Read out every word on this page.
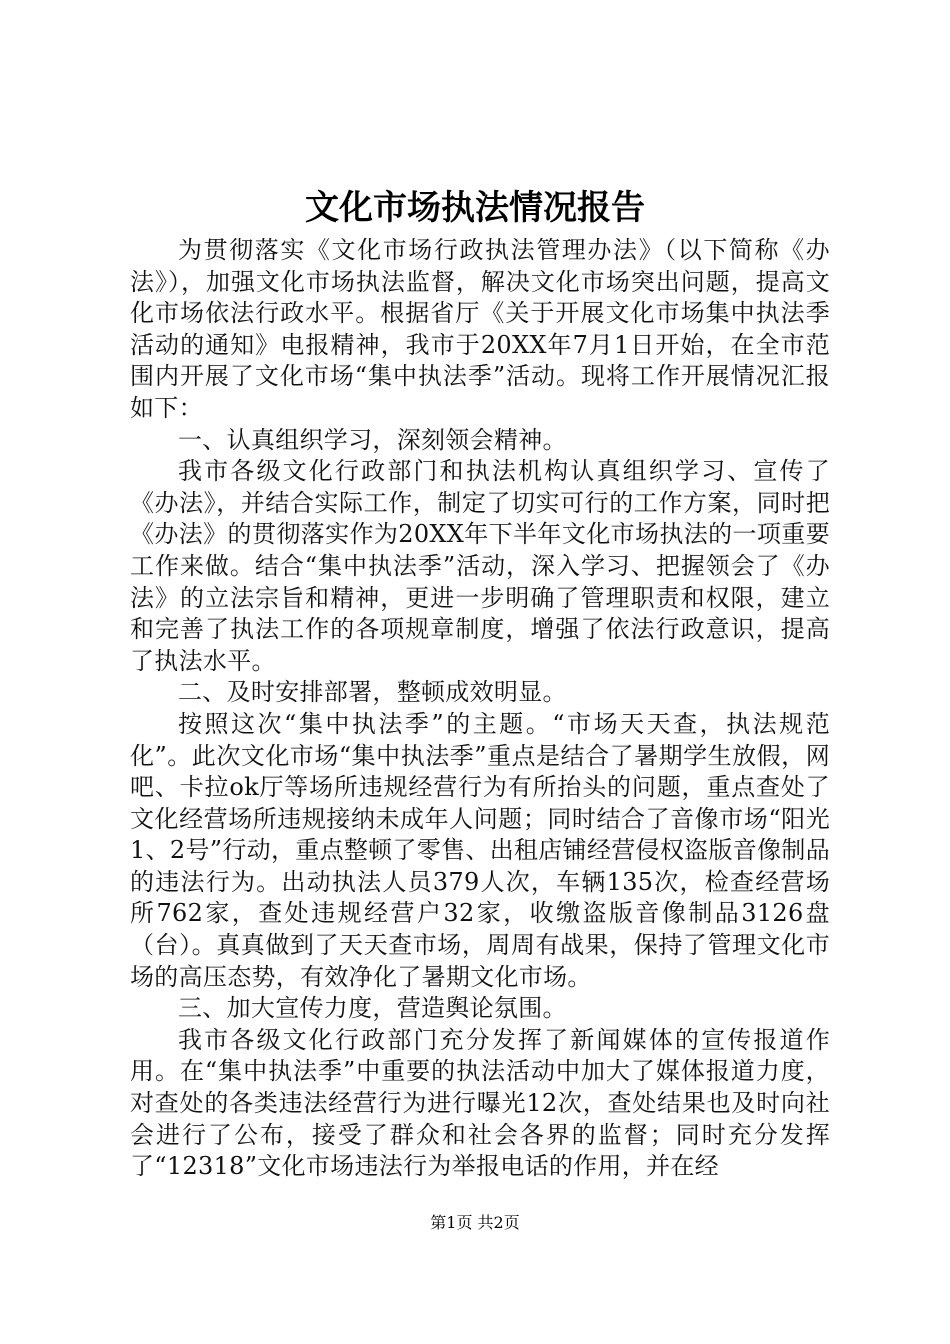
文化市场执法情况报告

为贯彻落实《文化市场行政执法管理办法》（以下简称《办法》），加强文化市场执法监督，解决文化市场突出问题，提高文化市场依法行政水平。根据省厅《关于开展文化市场集中执法季活动的通知》电报精神，我市于20XX年7月1日开始，在全市范围内开展了文化市场“集中执法季”活动。现将工作开展情况汇报如下：

一、认真组织学习，深刻领会精神。

我市各级文化行政部门和执法机构认真组织学习、宣传了《办法》，并结合实际工作，制定了切实可行的工作方案，同时把《办法》的贯彻落实作为20XX年下半年文化市场执法的一项重要工作来做。结合“集中执法季”活动，深入学习、把握领会了《办法》的立法宗旨和精神，更进一步明确了管理职责和权限，建立和完善了执法工作的各项规章制度，增强了依法行政意识，提高了执法水平。

二、及时安排部署，整顿成效明显。

按照这次“集中执法季”的主题。“市场天天查，执法规范化”。此次文化市场“集中执法季”重点是结合了暑期学生放假，网吧、卡拉ok厅等场所违规经营行为有所抬头的问题，重点查处了文化经营场所违规接纳未成年人问题；同时结合了音像市场“阳光1、2号”行动，重点整顿了零售、出租店铺经营侵权盗版音像制品的违法行为。出动执法人员379人次，车辆135次，检查经营场所762家，查处违规经营户32家，收缴盗版音像制品3126盘（台）。真真做到了天天查市场，周周有战果，保持了管理文化市场的高压态势，有效净化了暑期文化市场。

三、加大宣传力度，营造舆论氛围。

我市各级文化行政部门充分发挥了新闻媒体的宣传报道作用。在“集中执法季”中重要的执法活动中加大了媒体报道力度，对查处的各类违法经营行为进行曝光12次，查处结果也及时向社会进行了公布，接受了群众和社会各界的监督；同时充分发挥了“12318”文化市场违法行为举报电话的作用，并在经

第1页 共2页
